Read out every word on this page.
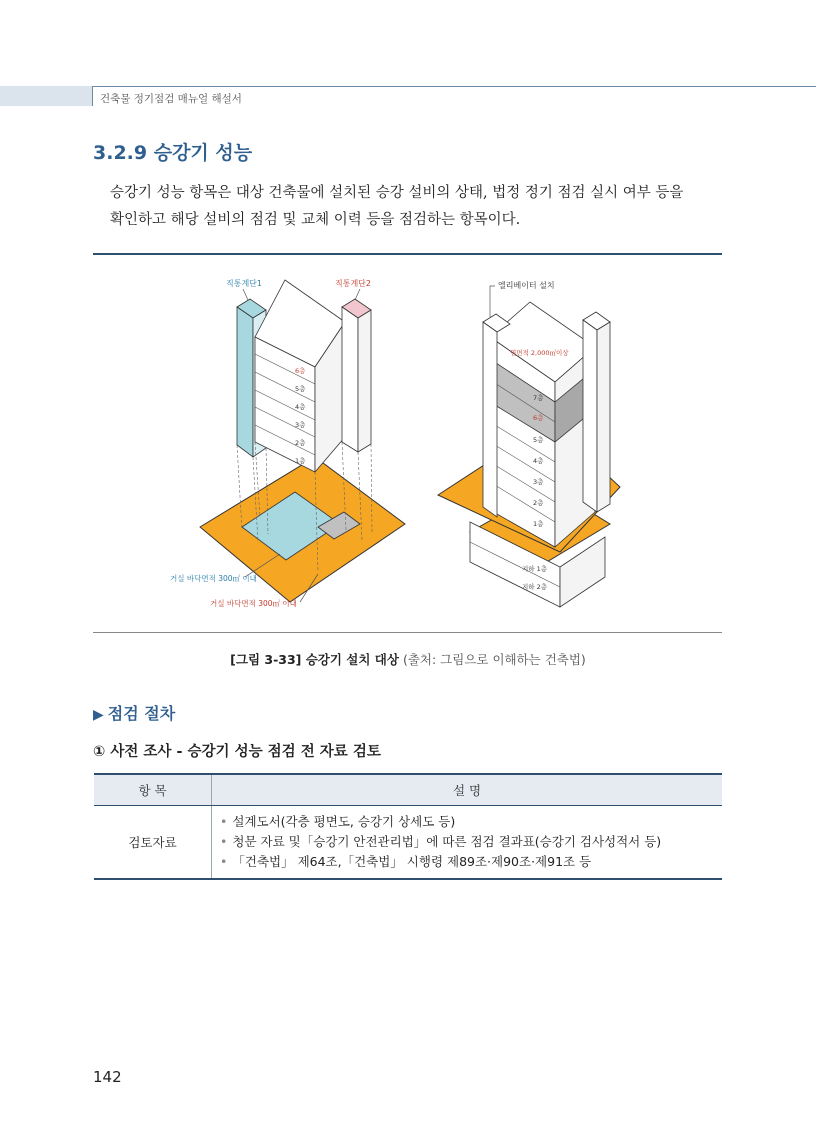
건축물 정기점검 매뉴얼 해설서
3.2.9 승강기 성능
승강기 성능 항목은 대상 건축물에 설치된 승강 설비의 상태, 법정 정기 점검 실시 여부 등을
확인하고 해당 설비의 점검 및 교체 이력 등을 점검하는 항목이다.
직통계단1	직통계단2
6층
5층
4층
3층
2층
1층
거실 바닥면적 300㎡ 이내
거실 바닥면적 300㎡ 이내
엘리베이터 설치
연면적 2,000㎡이상
7층
6층
5층
4층
3층
2층
1층
지하 1층
지하 2층
[그림 3-33] 승강기 설치 대상 (출처: 그림으로 이해하는 건축법)
▶ 점검 절차
① 사전 조사 - 승강기 성능 점검 전 자료 검토
항 목	설 명
검토자료	• 설계도서(각층 평면도, 승강기 상세도 등)
• 청문 자료 및「승강기 안전관리법」에 따른 점검 결과표(승강기 검사성적서 등)
• 「건축법」 제64조,「건축법」 시행령 제89조·제90조·제91조 등
142
